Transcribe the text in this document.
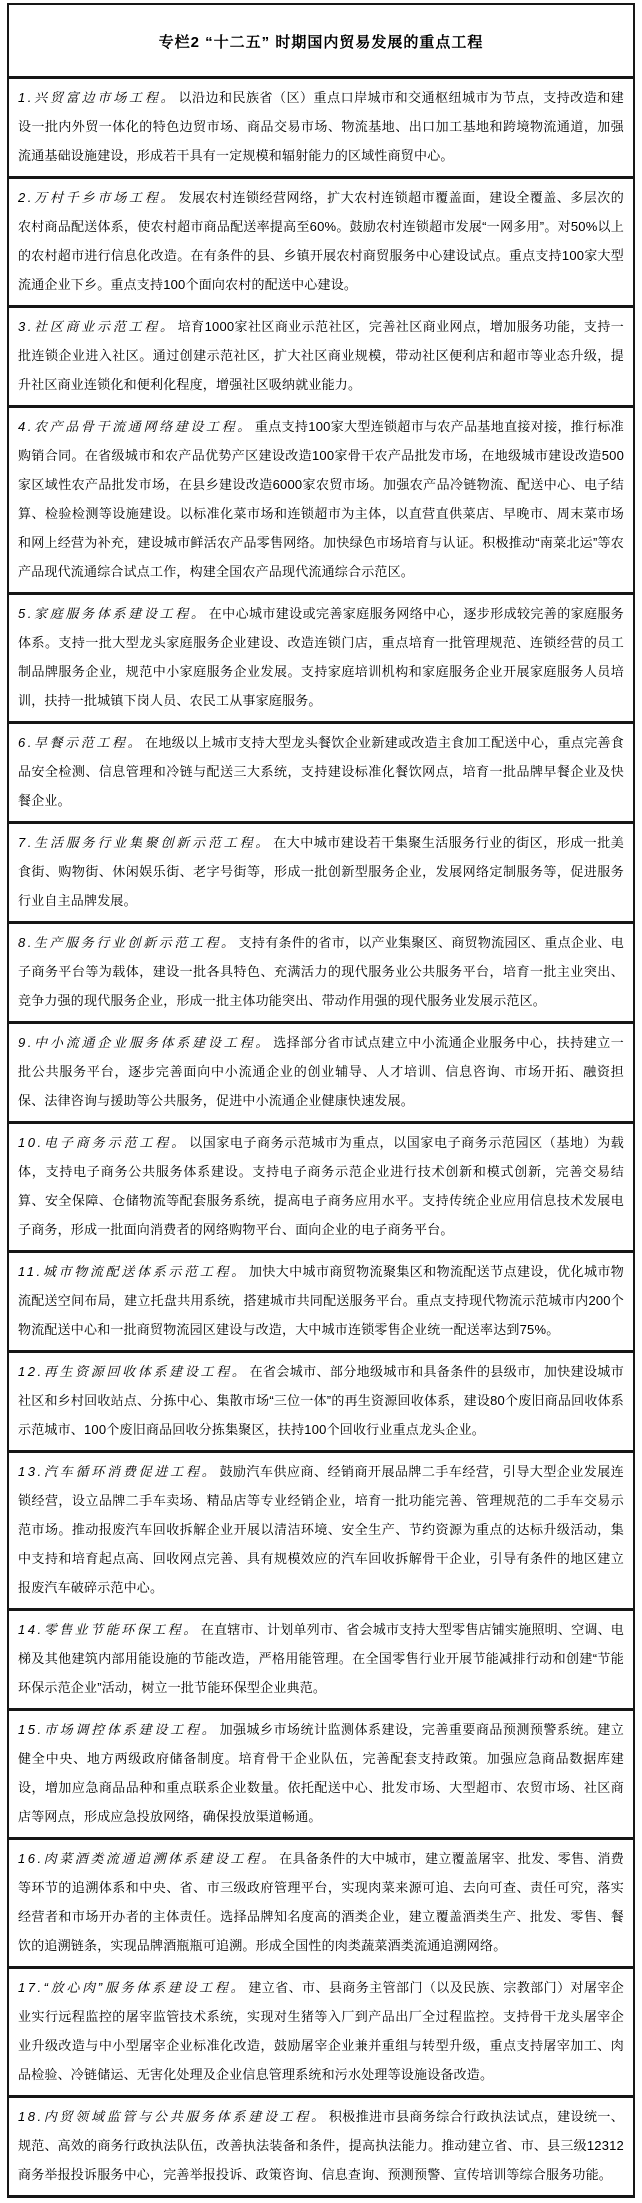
专栏2 “十二五” 时期国内贸易发展的重点工程
1.兴贸富边市场工程。 以沿边和民族省（区）重点口岸城市和交通枢纽城市为节点，支持改造和建设一批内外贸一体化的特色边贸市场、商品交易市场、物流基地、出口加工基地和跨境物流通道，加强流通基础设施建设，形成若干具有一定规模和辐射能力的区域性商贸中心。
2.万村千乡市场工程。 发展农村连锁经营网络，扩大农村连锁超市覆盖面，建设全覆盖、多层次的农村商品配送体系，使农村超市商品配送率提高至60%。鼓励农村连锁超市发展“一网多用”。对50%以上的农村超市进行信息化改造。在有条件的县、乡镇开展农村商贸服务中心建设试点。重点支持100家大型流通企业下乡。重点支持100个面向农村的配送中心建设。
3.社区商业示范工程。 培育1000家社区商业示范社区，完善社区商业网点，增加服务功能，支持一批连锁企业进入社区。通过创建示范社区，扩大社区商业规模，带动社区便利店和超市等业态升级，提升社区商业连锁化和便利化程度，增强社区吸纳就业能力。
4.农产品骨干流通网络建设工程。 重点支持100家大型连锁超市与农产品基地直接对接，推行标准购销合同。在省级城市和农产品优势产区建设改造100家骨干农产品批发市场，在地级城市建设改造500家区域性农产品批发市场，在县乡建设改造6000家农贸市场。加强农产品冷链物流、配送中心、电子结算、检验检测等设施建设。以标准化菜市场和连锁超市为主体，以直营直供菜店、早晚市、周末菜市场和网上经营为补充，建设城市鲜活农产品零售网络。加快绿色市场培育与认证。积极推动“南菜北运”等农产品现代流通综合试点工作，构建全国农产品现代流通综合示范区。
5.家庭服务体系建设工程。 在中心城市建设或完善家庭服务网络中心，逐步形成较完善的家庭服务体系。支持一批大型龙头家庭服务企业建设、改造连锁门店，重点培育一批管理规范、连锁经营的员工制品牌服务企业，规范中小家庭服务企业发展。支持家庭培训机构和家庭服务企业开展家庭服务人员培训，扶持一批城镇下岗人员、农民工从事家庭服务。
6.早餐示范工程。 在地级以上城市支持大型龙头餐饮企业新建或改造主食加工配送中心，重点完善食品安全检测、信息管理和冷链与配送三大系统，支持建设标准化餐饮网点，培育一批品牌早餐企业及快餐企业。
7.生活服务行业集聚创新示范工程。 在大中城市建设若干集聚生活服务行业的街区，形成一批美食街、购物街、休闲娱乐街、老字号街等，形成一批创新型服务企业，发展网络定制服务等，促进服务行业自主品牌发展。
8.生产服务行业创新示范工程。 支持有条件的省市，以产业集聚区、商贸物流园区、重点企业、电子商务平台等为载体，建设一批各具特色、充满活力的现代服务业公共服务平台，培育一批主业突出、竞争力强的现代服务企业，形成一批主体功能突出、带动作用强的现代服务业发展示范区。
9.中小流通企业服务体系建设工程。 选择部分省市试点建立中小流通企业服务中心，扶持建立一批公共服务平台，逐步完善面向中小流通企业的创业辅导、人才培训、信息咨询、市场开拓、融资担保、法律咨询与援助等公共服务，促进中小流通企业健康快速发展。
10.电子商务示范工程。 以国家电子商务示范城市为重点，以国家电子商务示范园区（基地）为载体，支持电子商务公共服务体系建设。支持电子商务示范企业进行技术创新和模式创新，完善交易结算、安全保障、仓储物流等配套服务系统，提高电子商务应用水平。支持传统企业应用信息技术发展电子商务，形成一批面向消费者的网络购物平台、面向企业的电子商务平台。
11.城市物流配送体系示范工程。 加快大中城市商贸物流聚集区和物流配送节点建设，优化城市物流配送空间布局，建立托盘共用系统，搭建城市共同配送服务平台。重点支持现代物流示范城市内200个物流配送中心和一批商贸物流园区建设与改造，大中城市连锁零售企业统一配送率达到75%。
12.再生资源回收体系建设工程。 在省会城市、部分地级城市和具备条件的县级市，加快建设城市社区和乡村回收站点、分拣中心、集散市场“三位一体”的再生资源回收体系，建设80个废旧商品回收体系示范城市、100个废旧商品回收分拣集聚区，扶持100个回收行业重点龙头企业。
13.汽车循环消费促进工程。 鼓励汽车供应商、经销商开展品牌二手车经营，引导大型企业发展连锁经营，设立品牌二手车卖场、精品店等专业经销企业，培育一批功能完善、管理规范的二手车交易示范市场。推动报废汽车回收拆解企业开展以清洁环境、安全生产、节约资源为重点的达标升级活动，集中支持和培育起点高、回收网点完善、具有规模效应的汽车回收拆解骨干企业，引导有条件的地区建立报废汽车破碎示范中心。
14.零售业节能环保工程。 在直辖市、计划单列市、省会城市支持大型零售店铺实施照明、空调、电梯及其他建筑内部用能设施的节能改造，严格用能管理。在全国零售行业开展节能减排行动和创建“节能环保示范企业”活动，树立一批节能环保型企业典范。
15.市场调控体系建设工程。 加强城乡市场统计监测体系建设，完善重要商品预测预警系统。建立健全中央、地方两级政府储备制度。培育骨干企业队伍，完善配套支持政策。加强应急商品数据库建设，增加应急商品品种和重点联系企业数量。依托配送中心、批发市场、大型超市、农贸市场、社区商店等网点，形成应急投放网络，确保投放渠道畅通。
16.肉菜酒类流通追溯体系建设工程。 在具备条件的大中城市，建立覆盖屠宰、批发、零售、消费等环节的追溯体系和中央、省、市三级政府管理平台，实现肉菜来源可追、去向可查、责任可究，落实经营者和市场开办者的主体责任。选择品牌知名度高的酒类企业，建立覆盖酒类生产、批发、零售、餐饮的追溯链条，实现品牌酒瓶瓶可追溯。形成全国性的肉类蔬菜酒类流通追溯网络。
17.“放心肉”服务体系建设工程。 建立省、市、县商务主管部门（以及民族、宗教部门）对屠宰企业实行远程监控的屠宰监管技术系统，实现对生猪等入厂到产品出厂全过程监控。支持骨干龙头屠宰企业升级改造与中小型屠宰企业标准化改造，鼓励屠宰企业兼并重组与转型升级，重点支持屠宰加工、肉品检验、冷链储运、无害化处理及企业信息管理系统和污水处理等设施设备改造。
18.内贸领域监管与公共服务体系建设工程。 积极推进市县商务综合行政执法试点，建设统一、规范、高效的商务行政执法队伍，改善执法装备和条件，提高执法能力。推动建立省、市、县三级12312商务举报投诉服务中心，完善举报投诉、政策咨询、信息查询、预测预警、宣传培训等综合服务功能。
